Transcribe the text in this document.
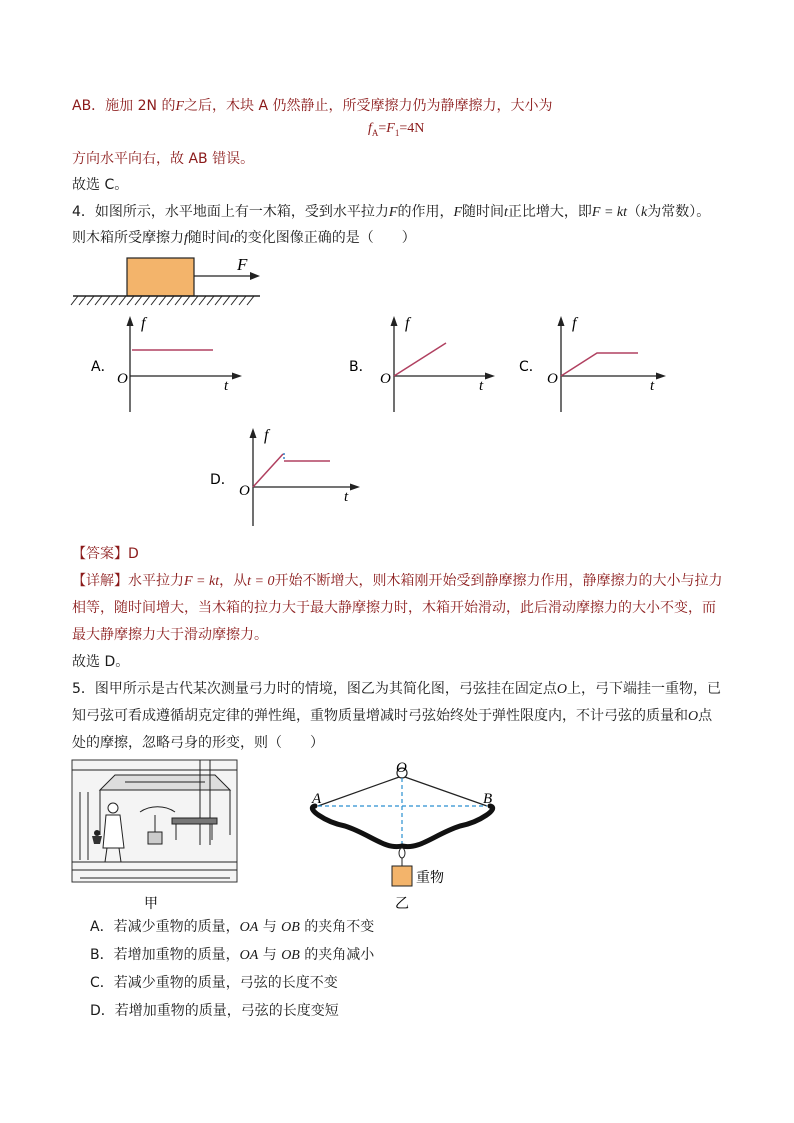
AB．施加 2N 的F之后，木块 A 仍然静止，所受摩擦力仍为静摩擦力，大小为
$f_A=F_1=4N$
方向水平向右，故 AB 错误。
故选 C。
4．如图所示，水平地面上有一木箱，受到水平拉力F的作用，F随时间t正比增大，即F = kt（k为常数）。
则木箱所受摩擦力f随时间t的变化图像正确的是（　　）
F
f
O	t
A．
f
O	t
B．
f
O	t
C．
f
O	t
D．
【答案】D
【详解】水平拉力F = kt，从t = 0开始不断增大，则木箱刚开始受到静摩擦力作用，静摩擦力的大小与拉力
相等，随时间增大，当木箱的拉力大于最大静摩擦力时，木箱开始滑动，此后滑动摩擦力的大小不变，而
最大静摩擦力大于滑动摩擦力。
故选 D。
5．图甲所示是古代某次测量弓力时的情境，图乙为其简化图，弓弦挂在固定点O上，弓下端挂一重物，已
知弓弦可看成遵循胡克定律的弹性绳，重物质量增减时弓弦始终处于弹性限度内，不计弓弦的质量和O点
处的摩擦，忽略弓身的形变，则（　　）
甲
O
A	B
重物
乙
A．若减少重物的质量，OA 与 OB 的夹角不变
B．若增加重物的质量，OA 与 OB 的夹角减小
C．若减少重物的质量，弓弦的长度不变
D．若增加重物的质量，弓弦的长度变短
